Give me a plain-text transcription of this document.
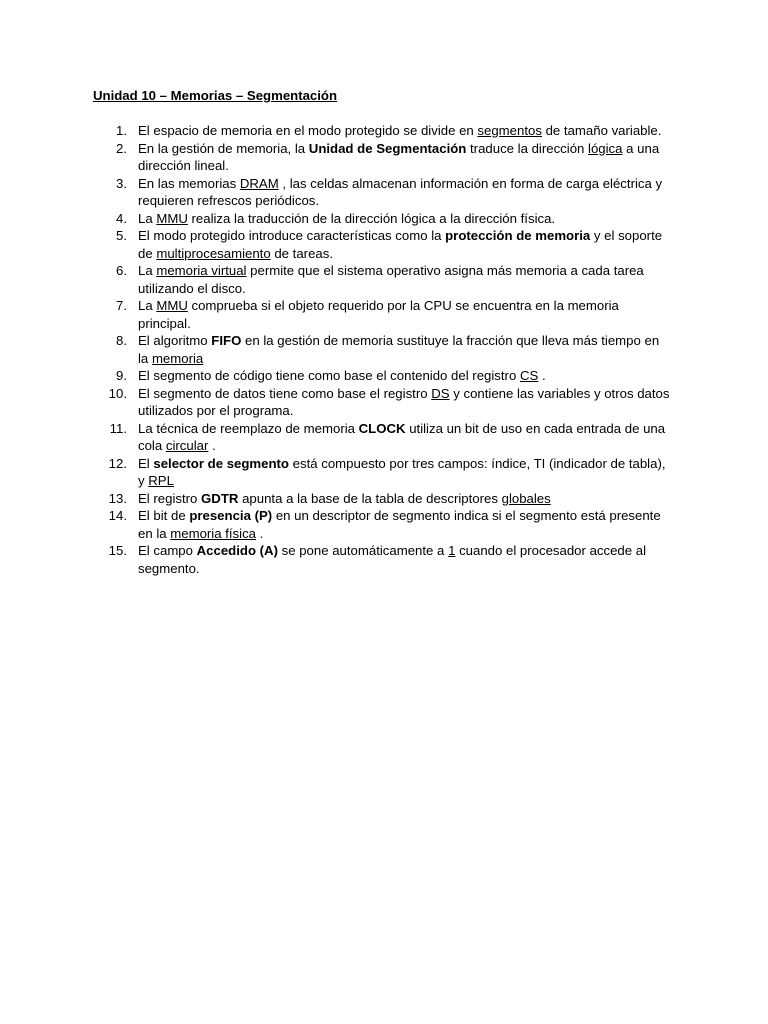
Unidad 10 – Memorias – Segmentación
1. El espacio de memoria en el modo protegido se divide en segmentos de tamaño variable.
2. En la gestión de memoria, la Unidad de Segmentación traduce la dirección lógica a una dirección lineal.
3. En las memorias DRAM , las celdas almacenan información en forma de carga eléctrica y requieren refrescos periódicos.
4. La MMU realiza la traducción de la dirección lógica a la dirección física.
5. El modo protegido introduce características como la protección de memoria y el soporte de multiprocesamiento de tareas.
6. La memoria virtual permite que el sistema operativo asigna más memoria a cada tarea utilizando el disco.
7. La MMU comprueba si el objeto requerido por la CPU se encuentra en la memoria principal.
8. El algoritmo FIFO en la gestión de memoria sustituye la fracción que lleva más tiempo en la memoria
9. El segmento de código tiene como base el contenido del registro CS .
10. El segmento de datos tiene como base el registro DS y contiene las variables y otros datos utilizados por el programa.
11. La técnica de reemplazo de memoria CLOCK utiliza un bit de uso en cada entrada de una cola circular .
12. El selector de segmento está compuesto por tres campos: índice, TI (indicador de tabla), y RPL
13. El registro GDTR apunta a la base de la tabla de descriptores globales
14. El bit de presencia (P) en un descriptor de segmento indica si el segmento está presente en la memoria física .
15. El campo Accedido (A) se pone automáticamente a 1 cuando el procesador accede al segmento.
